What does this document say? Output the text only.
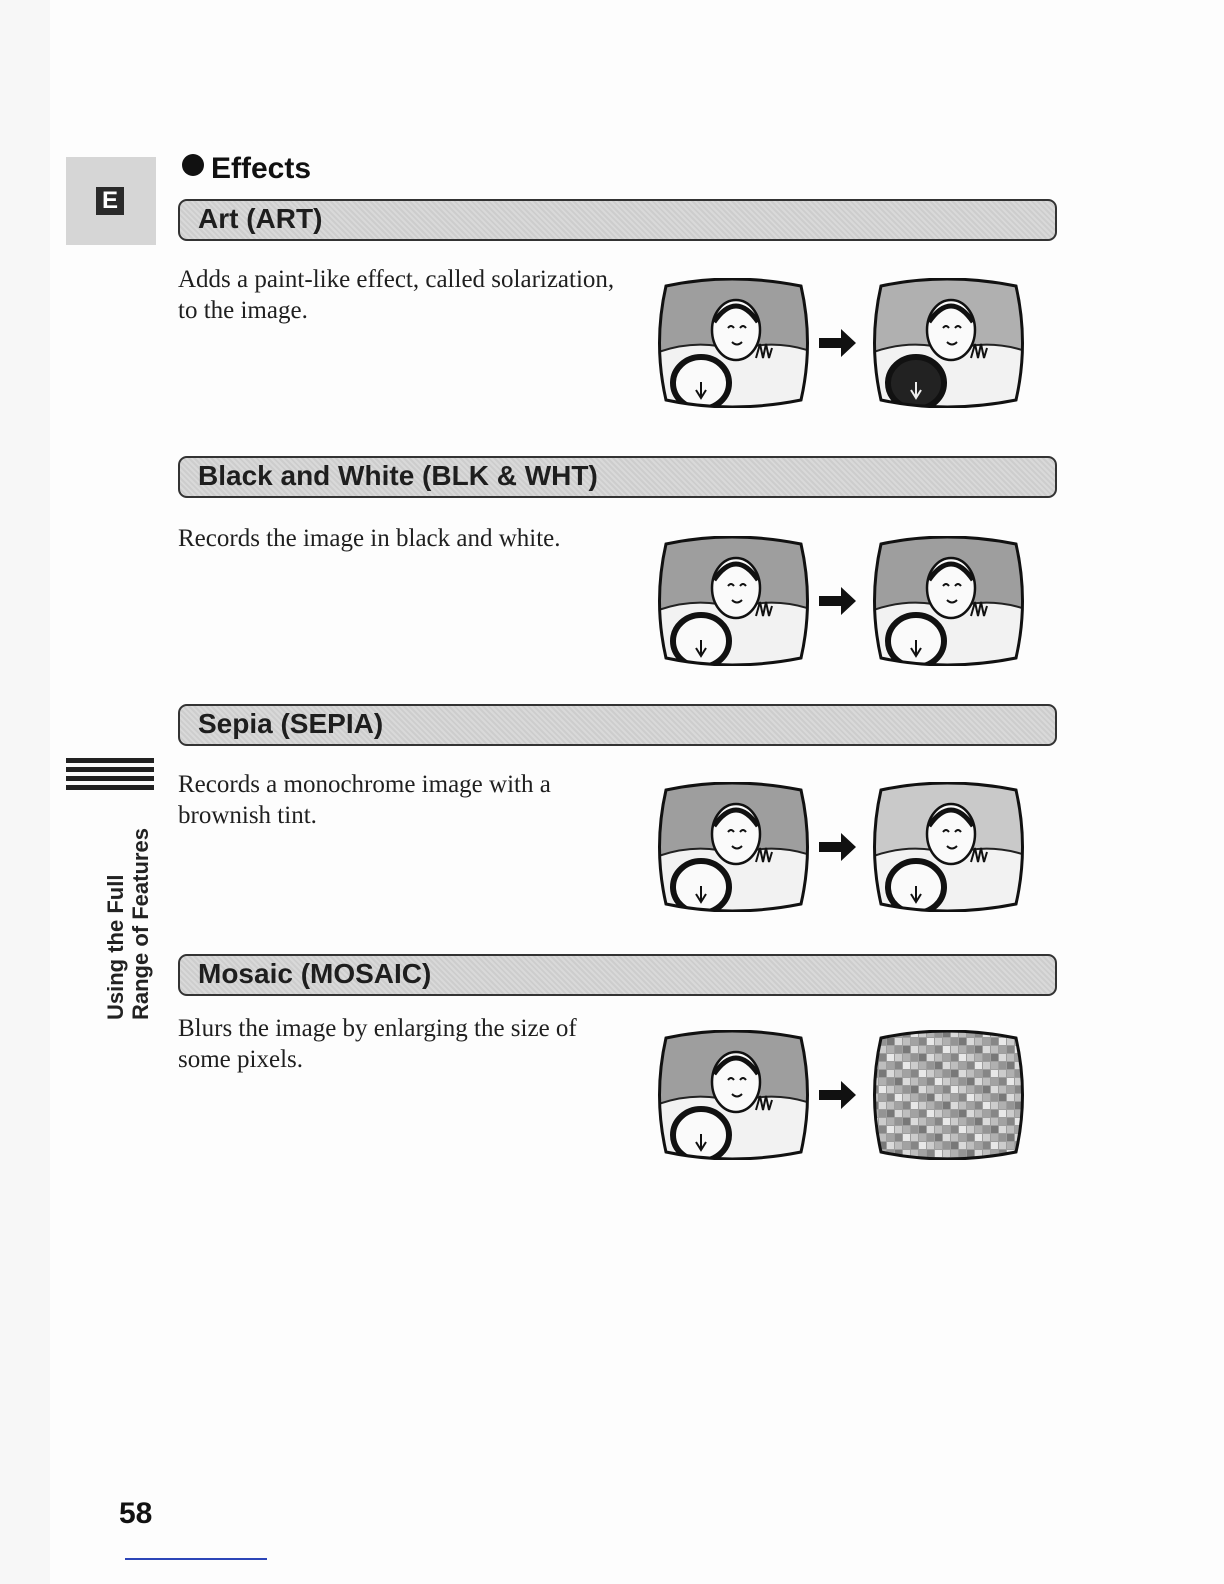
E
Using the Full Range of Features
Effects
Art (ART)
Adds a paint-like effect, called solarization, to the image.
Black and White (BLK & WHT)
Records the image in black and white.
Sepia (SEPIA)
Records a monochrome image with a brownish tint.
Mosaic (MOSAIC)
Blurs the image by enlarging the size of some pixels.
58
